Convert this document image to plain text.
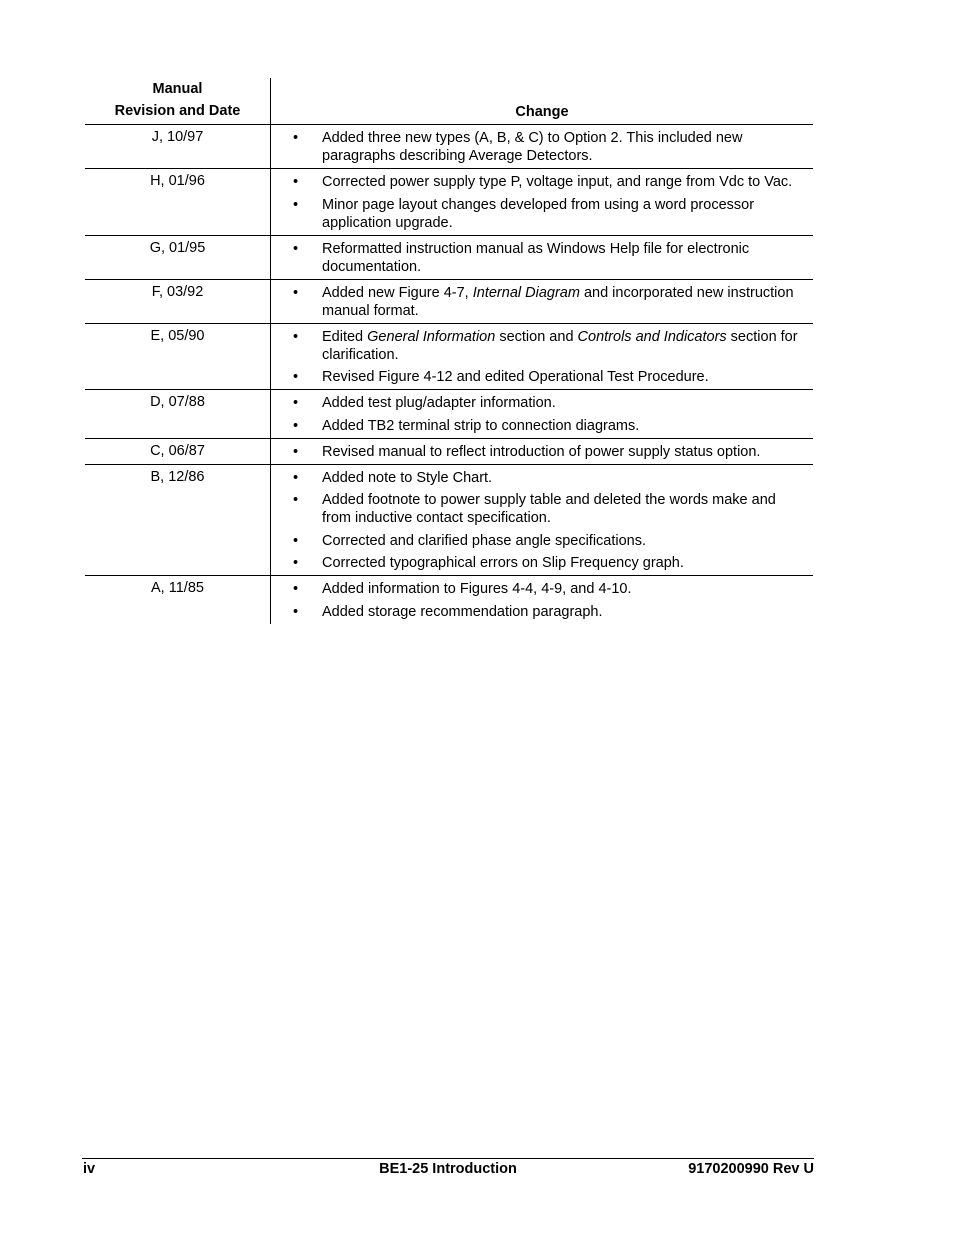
Manual
Revision and Date	Change
J, 10/97	• Added three new types (A, B, & C) to Option 2. This included new paragraphs describing Average Detectors.
H, 01/96	• Corrected power supply type P, voltage input, and range from Vdc to Vac.
• Minor page layout changes developed from using a word processor application upgrade.
G, 01/95	• Reformatted instruction manual as Windows Help file for electronic documentation.
F, 03/92	• Added new Figure 4-7, Internal Diagram and incorporated new instruction manual format.
E, 05/90	• Edited General Information section and Controls and Indicators section for clarification.
• Revised Figure 4-12 and edited Operational Test Procedure.
D, 07/88	• Added test plug/adapter information.
• Added TB2 terminal strip to connection diagrams.
C, 06/87	• Revised manual to reflect introduction of power supply status option.
B, 12/86	• Added note to Style Chart.
• Added footnote to power supply table and deleted the words make and from inductive contact specification.
• Corrected and clarified phase angle specifications.
• Corrected typographical errors on Slip Frequency graph.
A, 11/85	• Added information to Figures 4-4, 4-9, and 4-10.
• Added storage recommendation paragraph.
iv	BE1-25 Introduction	9170200990 Rev U
